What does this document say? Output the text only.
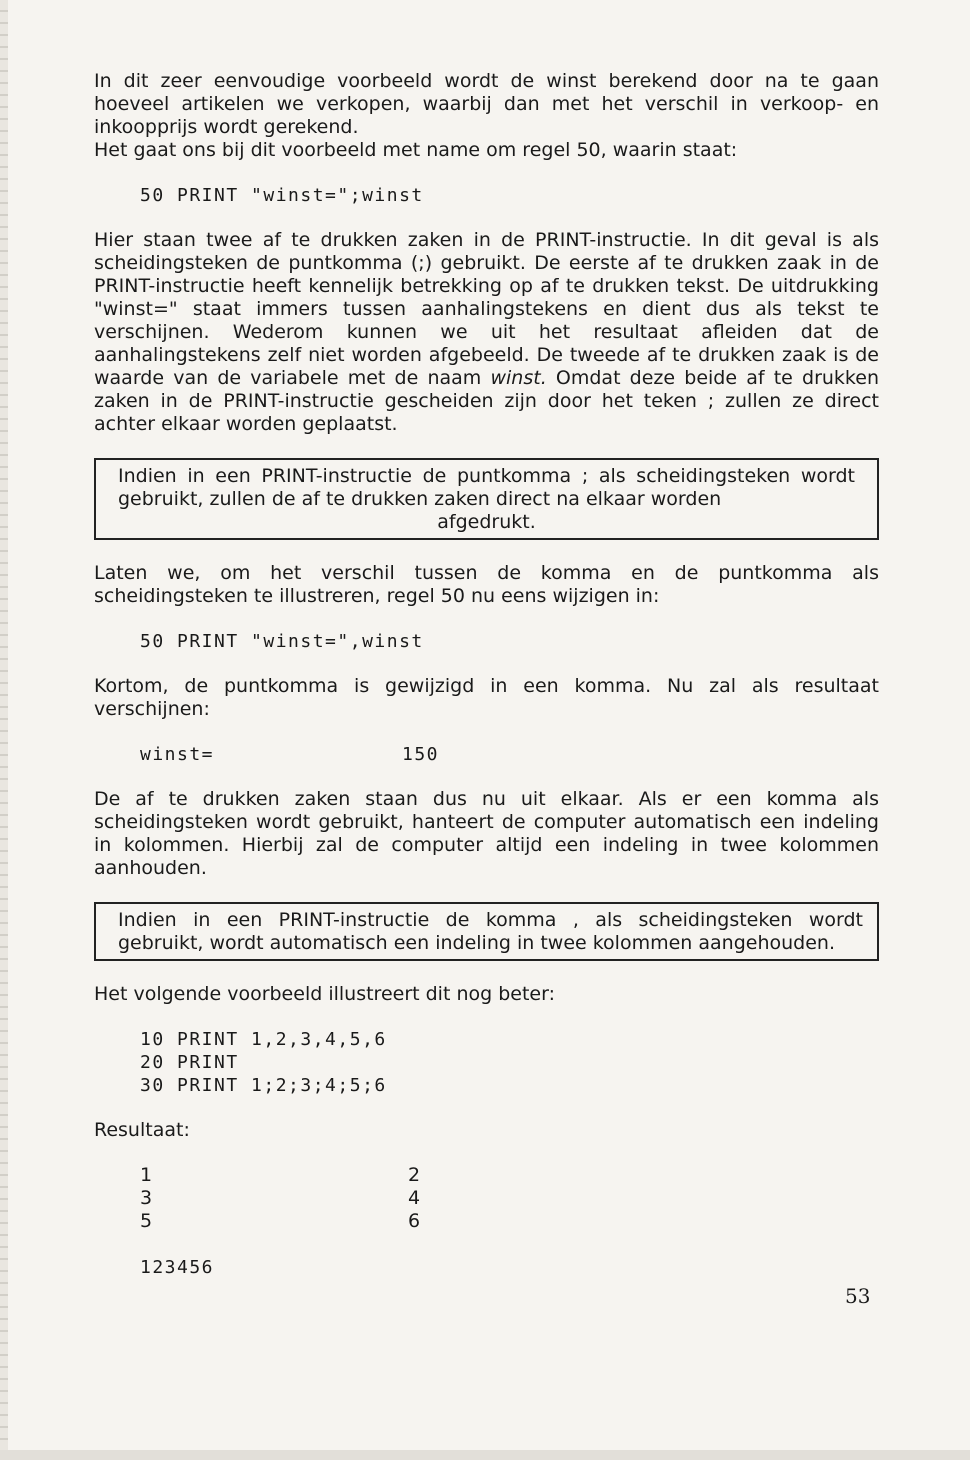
In dit zeer eenvoudige voorbeeld wordt de winst berekend door na te gaan hoeveel artikelen we verkopen, waarbij dan met het verschil in verkoop- en inkoopprijs wordt gerekend.

Het gaat ons bij dit voorbeeld met name om regel 50, waarin staat:

50 PRINT "winst=";winst

Hier staan twee af te drukken zaken in de PRINT-instructie. In dit geval is als scheidingsteken de puntkomma (;) gebruikt. De eerste af te drukken zaak in de PRINT-instructie heeft kennelijk betrekking op af te drukken tekst. De uitdrukking "winst=" staat immers tussen aanhalingstekens en dient dus als tekst te verschijnen. Wederom kunnen we uit het resultaat afleiden dat de aanhalingstekens zelf niet worden afgebeeld. De tweede af te drukken zaak is de waarde van de variabele met de naam winst. Omdat deze beide af te drukken zaken in de PRINT-instructie gescheiden zijn door het teken ; zullen ze direct achter elkaar worden geplaatst.

Indien in een PRINT-instructie de puntkomma ; als scheidingsteken wordt gebruikt, zullen de af te drukken zaken direct na elkaar worden
afgedrukt.

Laten we, om het verschil tussen de komma en de puntkomma als scheidingsteken te illustreren, regel 50 nu eens wijzigen in:

50 PRINT "winst=",winst

Kortom, de puntkomma is gewijzigd in een komma. Nu zal als resultaat verschijnen:

winst=	150

De af te drukken zaken staan dus nu uit elkaar. Als er een komma als scheidingsteken wordt gebruikt, hanteert de computer automatisch een indeling in kolommen. Hierbij zal de computer altijd een indeling in twee kolommen aanhouden.

Indien in een PRINT-instructie de komma , als scheidingsteken wordt
gebruikt, wordt automatisch een indeling in twee kolommen aangehouden.

Het volgende voorbeeld illustreert dit nog beter:

10 PRINT 1,2,3,4,5,6
20 PRINT
30 PRINT 1;2;3;4;5;6

Resultaat:

1	2
3	4
5	6
123456
53
